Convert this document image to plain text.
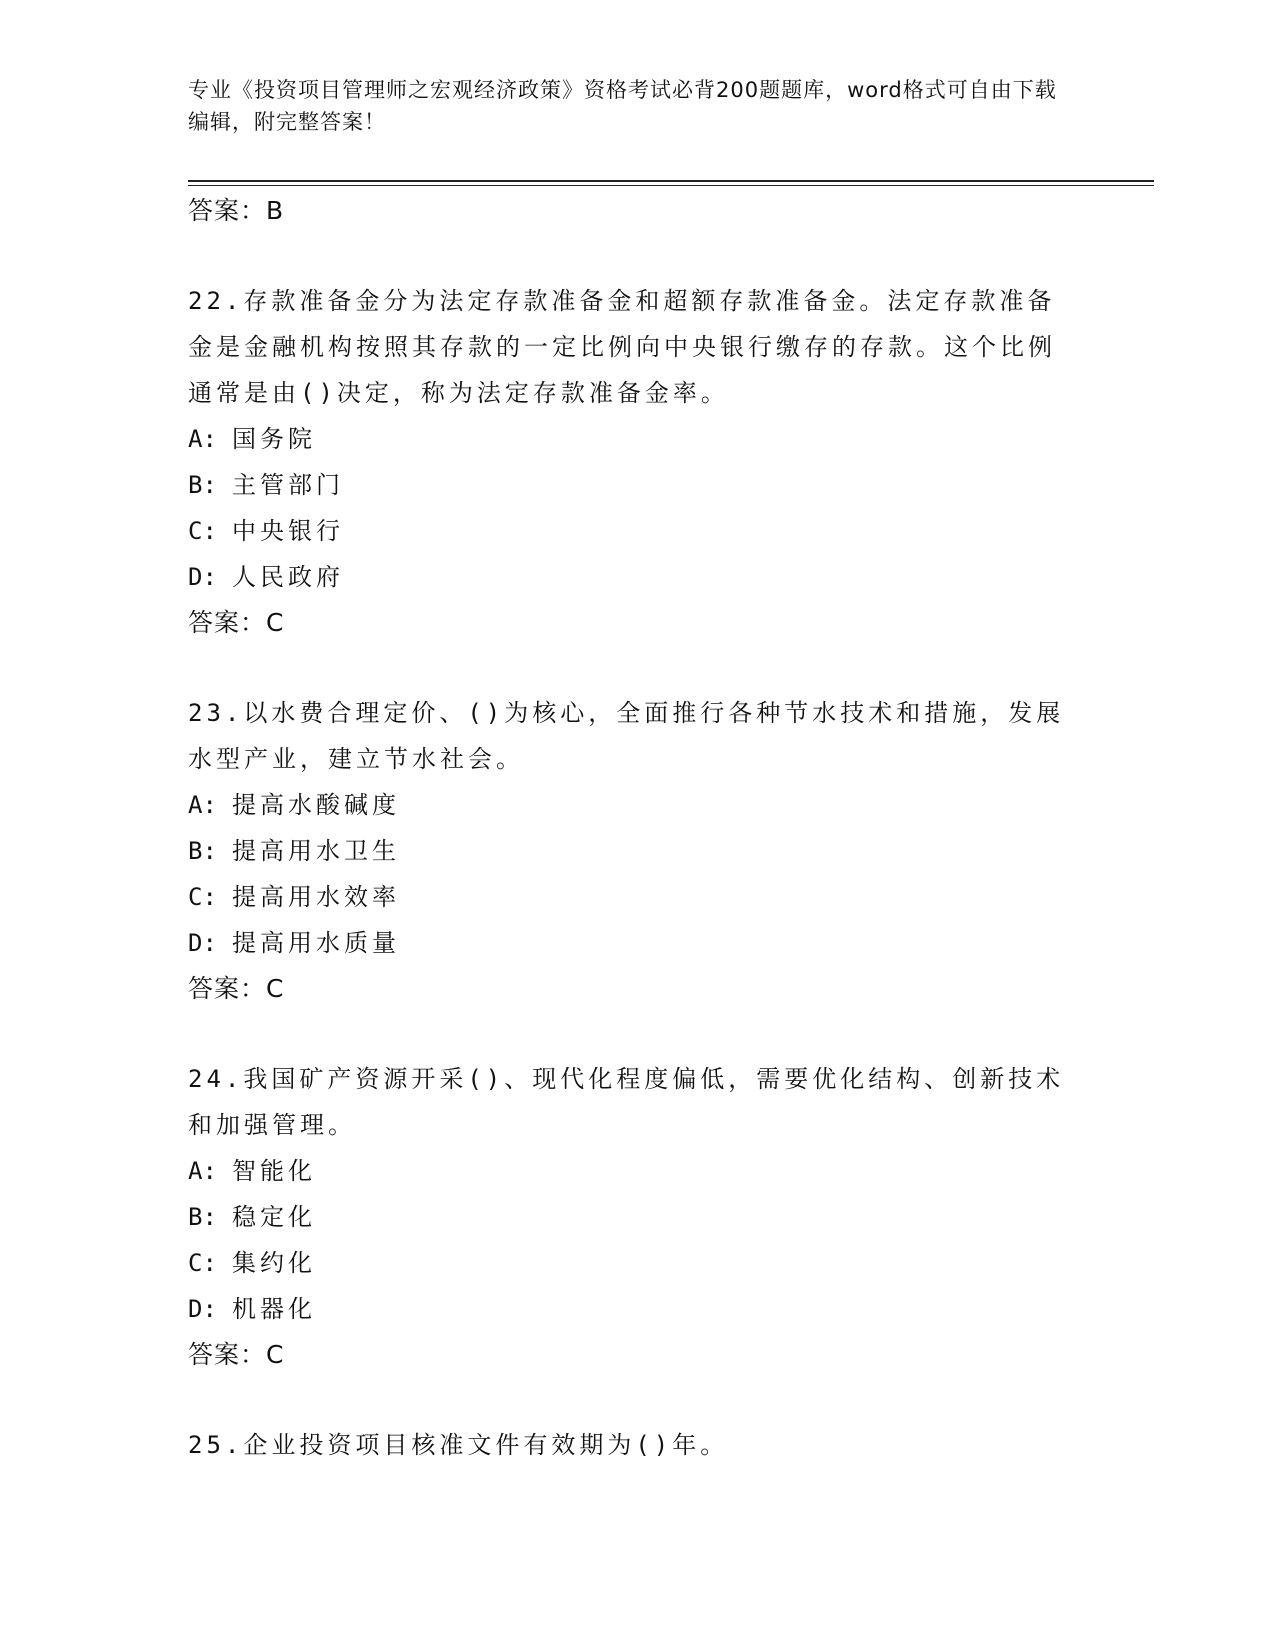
专业《投资项目管理师之宏观经济政策》资格考试必背200题题库，word格式可自由下载编辑，附完整答案！
答案：B
22.存款准备金分为法定存款准备金和超额存款准备金。法定存款准备金是金融机构按照其存款的一定比例向中央银行缴存的存款。这个比例通常是由()决定，称为法定存款准备金率。
A: 国务院
B: 主管部门
C: 中央银行
D: 人民政府
答案：C
23.以水费合理定价、()为核心，全面推行各种节水技术和措施，发展水型产业，建立节水社会。
A: 提高水酸碱度
B: 提高用水卫生
C: 提高用水效率
D: 提高用水质量
答案：C
24.我国矿产资源开采()、现代化程度偏低，需要优化结构、创新技术和加强管理。
A: 智能化
B: 稳定化
C: 集约化
D: 机器化
答案：C
25.企业投资项目核准文件有效期为()年。
